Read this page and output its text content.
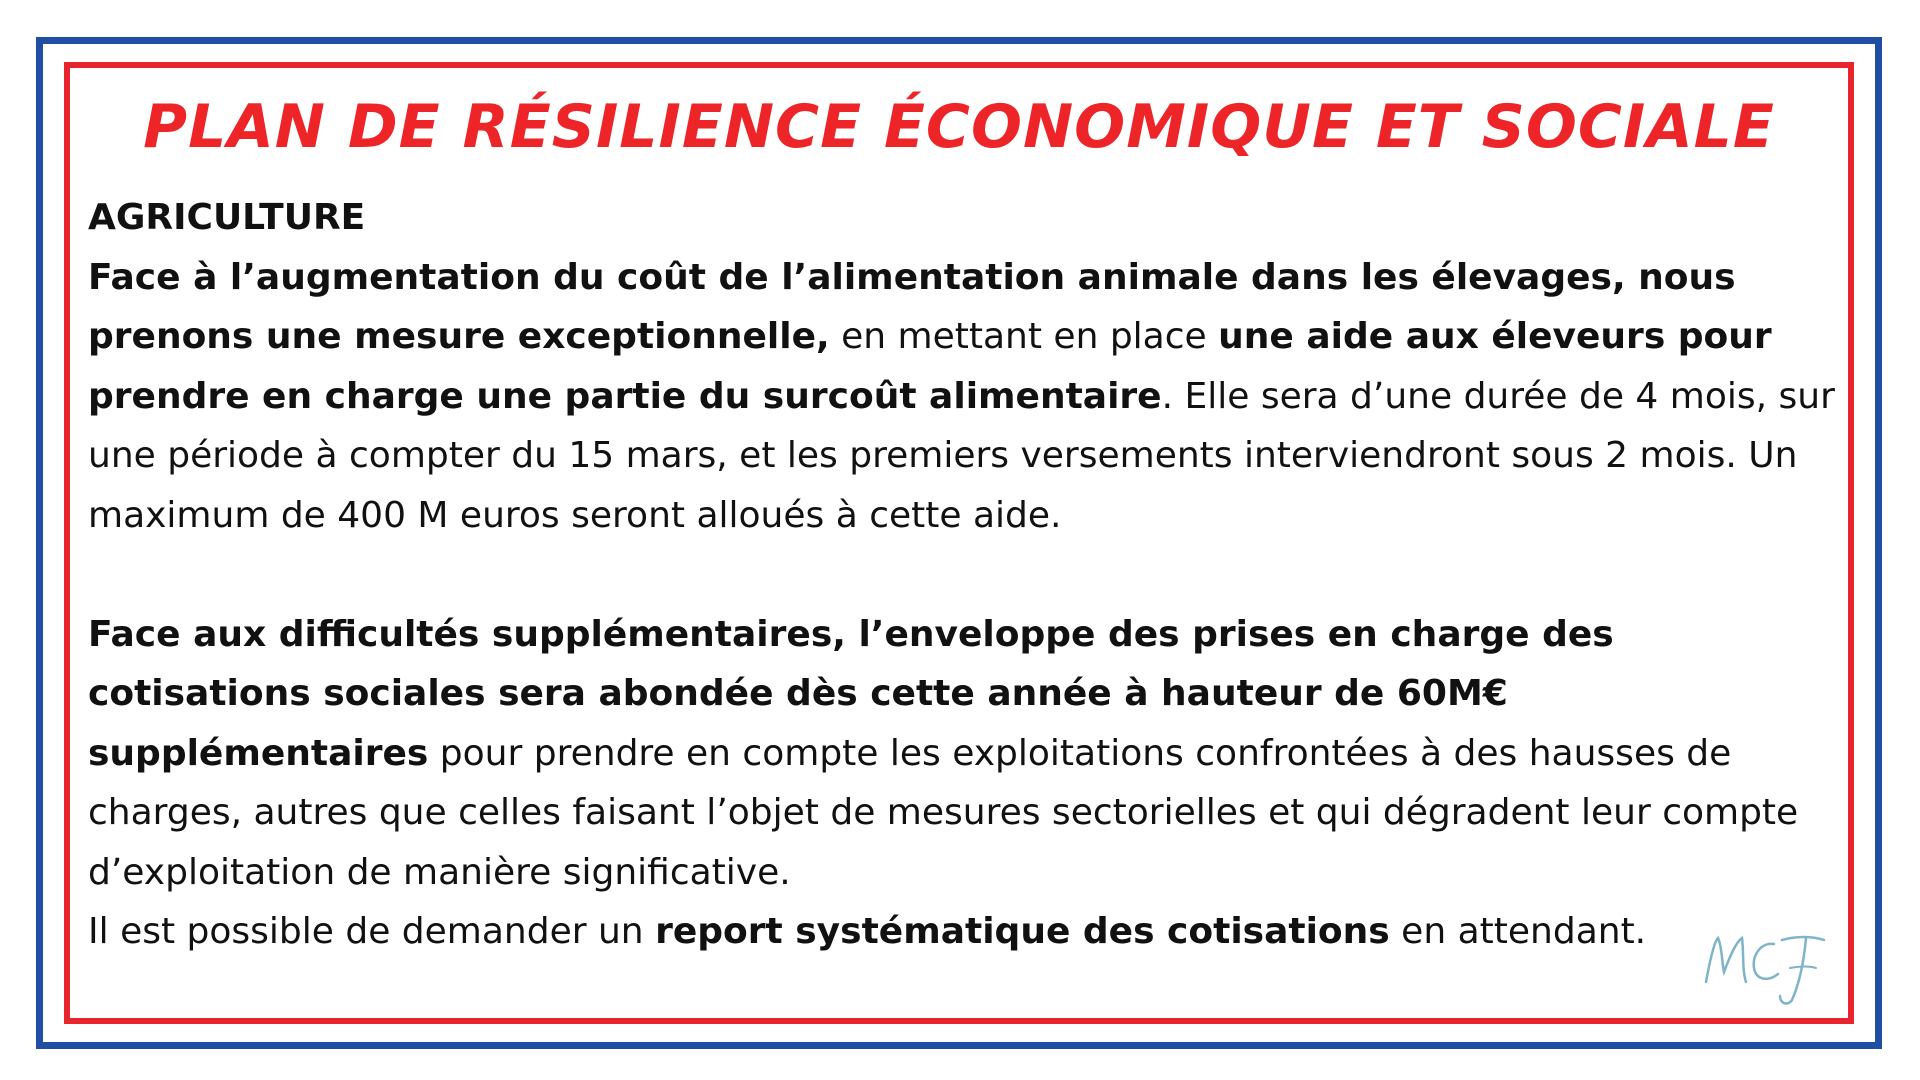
PLAN DE RÉSILIENCE ÉCONOMIQUE ET SOCIALE

AGRICULTURE

Face à l’augmentation du coût de l’alimentation animale dans les élevages, nous prenons une mesure exceptionnelle, en mettant en place une aide aux éleveurs pour prendre en charge une partie du surcoût alimentaire. Elle sera d’une durée de 4 mois, sur une période à compter du 15 mars, et les premiers versements interviendront sous 2 mois. Un maximum de 400 M euros seront alloués à cette aide.

Face aux difficultés supplémentaires, l’enveloppe des prises en charge des cotisations sociales sera abondée dès cette année à hauteur de 60M€ supplémentaires pour prendre en compte les exploitations confrontées à des hausses de charges, autres que celles faisant l’objet de mesures sectorielles et qui dégradent leur compte d’exploitation de manière significative.

Il est possible de demander un report systématique des cotisations en attendant.
